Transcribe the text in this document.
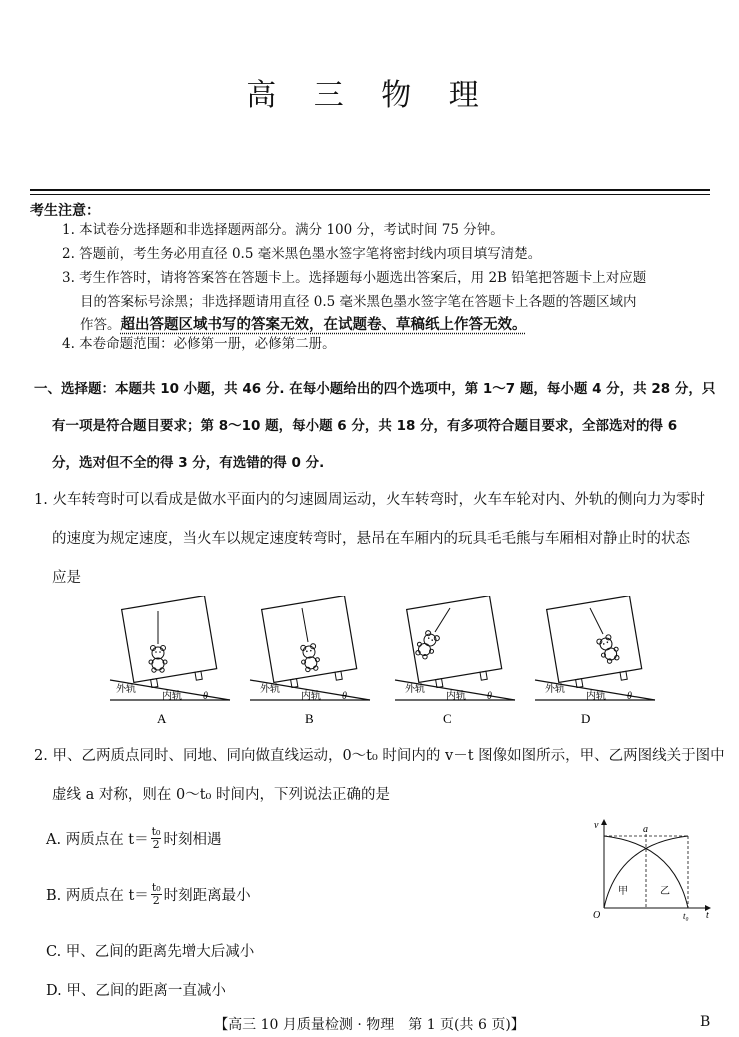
高 三 物 理
考生注意：
1. 本试卷分选择题和非选择题两部分。满分 100 分，考试时间 75 分钟。
2. 答题前，考生务必用直径 0.5 毫米黑色墨水签字笔将密封线内项目填写清楚。
3. 考生作答时，请将答案答在答题卡上。选择题每小题选出答案后，用 2B 铅笔把答题卡上对应题
目的答案标号涂黑；非选择题请用直径 0.5 毫米黑色墨水签字笔在答题卡上各题的答题区域内
作答。超出答题区域书写的答案无效，在试题卷、草稿纸上作答无效。
4. 本卷命题范围：必修第一册，必修第二册。
一、选择题：本题共 10 小题，共 46 分. 在每小题给出的四个选项中，第 1～7 题，每小题 4 分，共 28 分，只
有一项是符合题目要求；第 8～10 题，每小题 6 分，共 18 分，有多项符合题目要求，全部选对的得 6
分，选对但不全的得 3 分，有选错的得 0 分.
1. 火车转弯时可以看成是做水平面内的匀速圆周运动，火车转弯时，火车车轮对内、外轨的侧向力为零时
的速度为规定速度，当火车以规定速度转弯时，悬吊在车厢内的玩具毛毛熊与车厢相对静止时的状态
应是
外轨
内轨 θ
A
外轨
内轨 θ
B
外轨
内轨 θ
C
外轨
内轨 θ
D
2. 甲、乙两质点同时、同地、同向做直线运动，0～t₀ 时间内的 v－t 图像如图所示，甲、乙两图线关于图中
虚线 a 对称，则在 0～t₀ 时间内，下列说法正确的是
A. 两质点在 $t= \frac{\text{t₀}}{2}$ 时刻相遇
B. 两质点在 $t= \frac{\text{t₀}}{2}$ 时刻距离最小
C. 甲、乙间的距离先增大后减小
D. 甲、乙间的距离一直减小
v
t
O
a
甲	乙
t₀
【高三 10 月质量检测 · 物理　第 1 页(共 6 页)】	B
